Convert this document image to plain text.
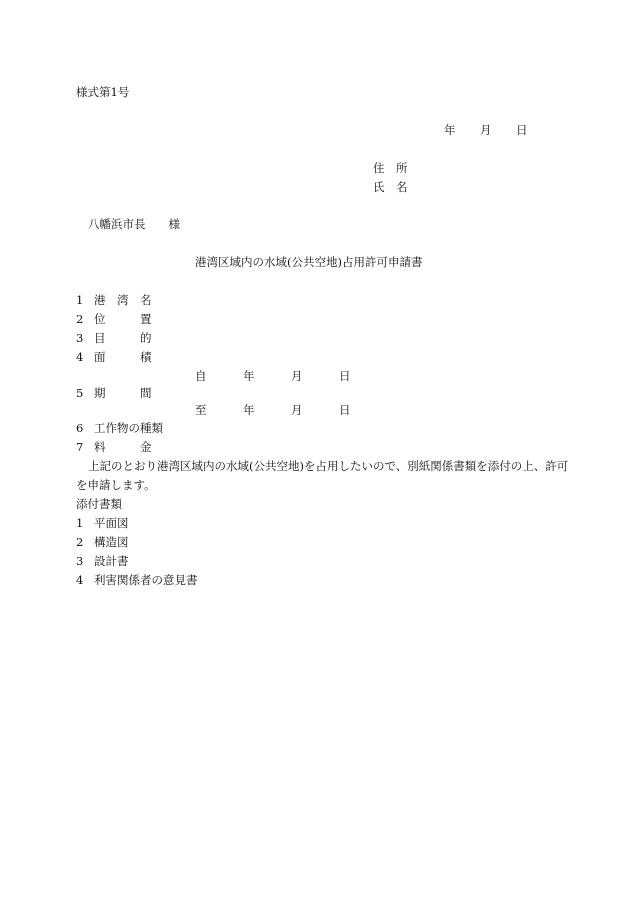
様式第1号
年 月 日
住　所
氏　名
八幡浜市長　　様
港湾区域内の水域(公共空地)占用許可申請書
1 港　湾　名
2 位　　　置
3 目　　　的
4 面　　　積
自	年	月	日
5 期　　　間
至	年	月	日
6 工作物の種類
7 料　　　金
上記のとおり港湾区域内の水域(公共空地)を占用したいので、別紙関係書類を添付の上、許可を申請します。
添付書類
1 平面図
2 構造図
3 設計書
4 利害関係者の意見書
